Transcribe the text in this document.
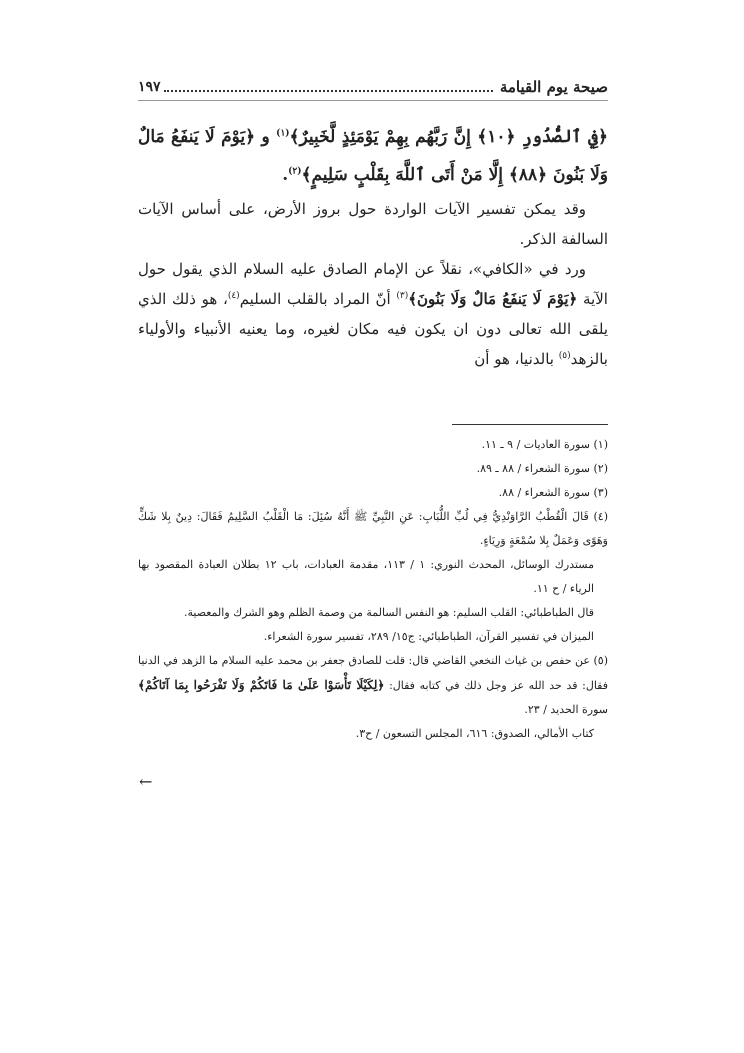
صيحة يوم القيامة
١٩٧

﴿فِي ٱلصُّدُورِ ﴿١٠﴾ إِنَّ رَبَّهُم بِهِمْ يَوْمَئِذٍ لَّخَبِيرٌ﴾$^{(١)}$ و ﴿يَوْمَ لَا يَنفَعُ مَالٌ وَلَا بَنُونَ ﴿٨٨﴾ إِلَّا مَنْ أَتَى ٱللَّهَ بِقَلْبٍ سَلِيمٍ﴾$^{(٢)}$.

وقد يمكن تفسير الآيات الواردة حول بروز الأرض، على أساس الآيات السالفة الذكر.

ورد في «الكافي»، نقلاً عن الإمام الصادق عليه السلام الذي يقول حول الآية ﴿يَوْمَ لَا يَنفَعُ مَالٌ وَلَا بَنُونَ﴾$^{(٣)}$ أنّ المراد بالقلب السليم$^{(٤)}$، هو ذلك الذي يلقى الله تعالى دون ان يكون فيه مكان لغيره، وما يعنيه الأنبياء والأولياء بالزهد$^{(٥)}$ بالدنيا، هو أن

(١) سورة العاديات / ٩ ـ ١١.

(٢) سورة الشعراء / ٨٨ ـ ٨٩.

(٣) سورة الشعراء / ٨٨.

(٤) قَالَ الْقُطْبُ الرَّاوَنْدِيُّ فِي لُبِّ اللُّبَابِ: عَنِ النَّبِيِّ ﷺ أَنَّهُ سُئِلَ: مَا الْقَلْبُ السَّلِيمُ فَقَالَ: دِينٌ بِلا شَكٍّ وَهَوًى وَعَمَلٌ بِلا سُمْعَةٍ وَرِيَاءٍ.

مستدرك الوسائل، المحدث النوري: ١ / ١١٣، مقدمة العبادات، باب ١٢ بطلان العبادة المقصود بها الرياء / ح ١١.

قال الطباطبائي: القلب السليم: هو النفس السالمة من وصمة الظلم وهو الشرك والمعصية.

الميزان في تفسير القرآن، الطباطبائي: ج١٥/ ٢٨٩، تفسير سورة الشعراء.

(٥) عن حفص بن غياث النخعي القاضي قال: قلت للصادق جعفر بن محمد عليه السلام ما الزهد في الدنيا فقال: قد حد الله عز وجل ذلك في كتابه فقال: ﴿لِكَيْلَا تَأْسَوْا عَلَىٰ مَا فَاتَكُمْ وَلَا تَفْرَحُوا بِمَا آتَاكُمْ﴾ سورة الحديد / ٢٣.

كتاب الأمالي، الصدوق: ٦١٦، المجلس التسعون / ح٣.

←
